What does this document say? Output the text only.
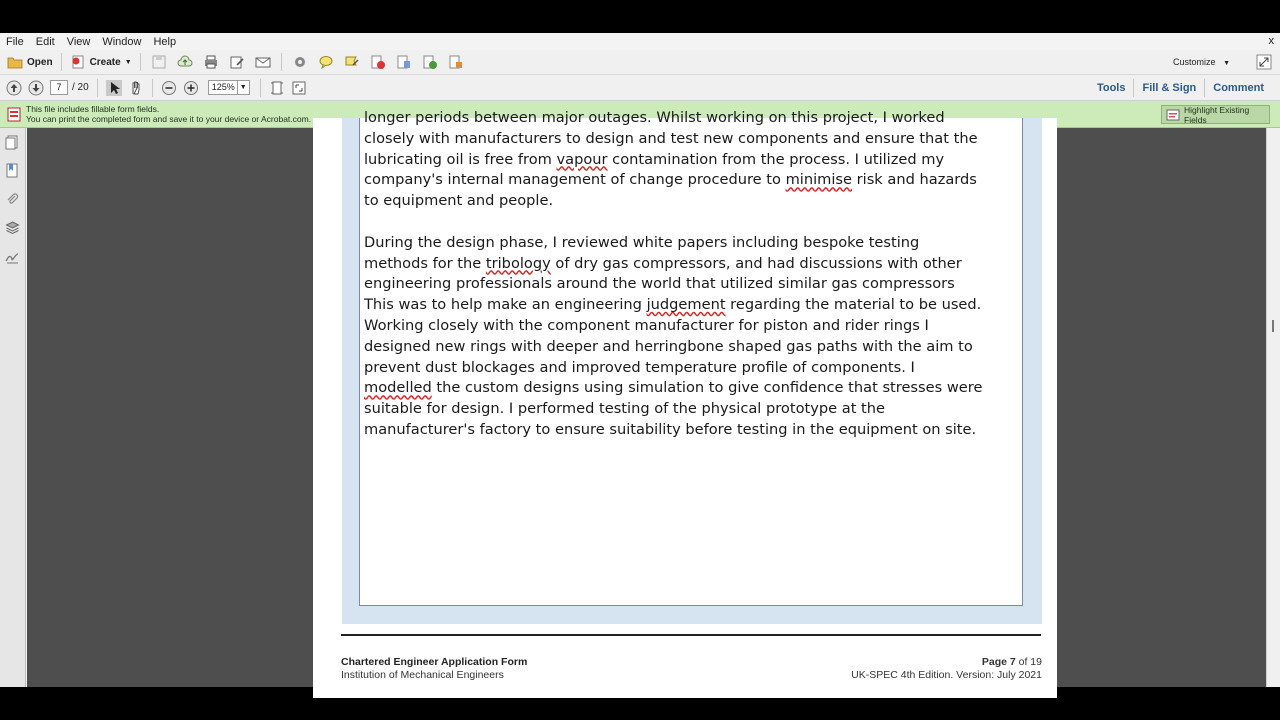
File Edit View Window Help	x
Open	Create ▼	Customize ▼
7	/ 20	125% ▼	Tools	Fill & Sign	Comment
This file includes fillable form fields.
You can print the completed form and save it to your device or Acrobat.com.
Highlight Existing Fields

longer periods between major outages. Whilst working on this project, I worked

closely with manufacturers to design and test new components and ensure that the

lubricating oil is free from vapour contamination from the process. I utilized my

company's internal management of change procedure to minimise risk and hazards

to equipment and people.

During the design phase, I reviewed white papers including bespoke testing

methods for the tribology of dry gas compressors, and had discussions with other

engineering professionals around the world that utilized similar gas compressors

This was to help make an engineering judgement regarding the material to be used.

Working closely with the component manufacturer for piston and rider rings I

designed new rings with deeper and herringbone shaped gas paths with the aim to

prevent dust blockages and improved temperature profile of components. I

modelled the custom designs using simulation to give confidence that stresses were

suitable for design. I performed testing of the physical prototype at the

manufacturer's factory to ensure suitability before testing in the equipment on site.

Chartered Engineer Application Form
Institution of Mechanical Engineers
Page 7 of 19
UK-SPEC 4th Edition. Version: July 2021
